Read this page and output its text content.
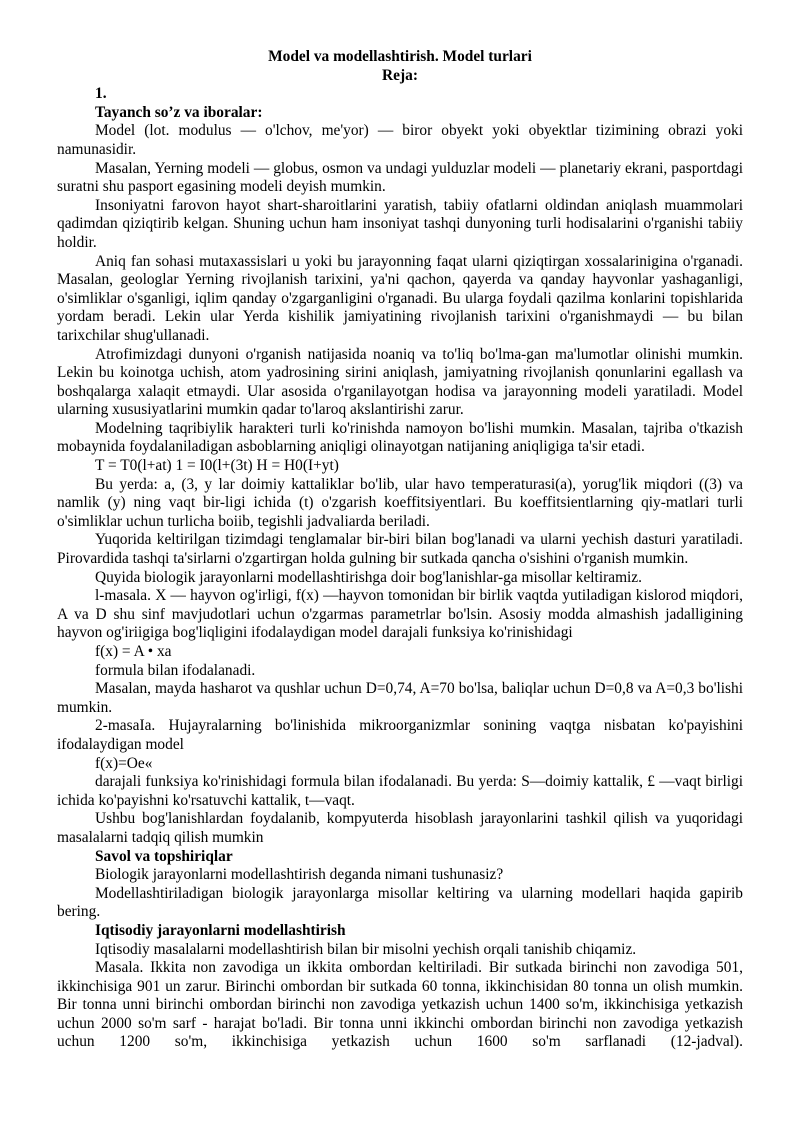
Model va modellashtirish. Model turlari

Reja:

1.

Tayanch so’z va iboralar:

Model (lot. modulus — o'lchov, me'yor) — biror obyekt yoki obyektlar tizimining obrazi yoki namunasidir.

Masalan, Yerning modeli — globus, osmon va undagi yulduzlar modeli — planetariy ekrani, pasportdagi suratni shu pasport egasining modeli deyish mumkin.

Insoniyatni farovon hayot shart-sharoitlarini yaratish, tabiiy ofatlarni oldindan aniqlash muammolari qadimdan qiziqtirib kelgan. Shuning uchun ham insoniyat tashqi dunyoning turli hodisalarini o'rganishi tabiiy holdir.

Aniq fan sohasi mutaxassislari u yoki bu jarayonning faqat ularni qiziqtirgan xossalarinigina o'rganadi. Masalan, geologlar Yerning rivojlanish tarixini, ya'ni qachon, qayerda va qanday hayvonlar yashaganligi, o'simliklar o'sganligi, iqlim qanday o'zgarganligini o'rganadi. Bu ularga foydali qazilma konlarini topishlarida yordam beradi. Lekin ular Yerda kishilik jamiyatining rivojlanish tarixini o'rganishmaydi — bu bilan tarixchilar shug'ullanadi.

Atrofimizdagi dunyoni o'rganish natijasida noaniq va to'liq bo'lma-gan ma'lumotlar olinishi mumkin. Lekin bu koinotga uchish, atom yadrosining sirini aniqlash, jamiyatning rivojlanish qonunlarini egallash va boshqalarga xalaqit etmaydi. Ular asosida o'rganilayotgan hodisa va jarayonning modeli yaratiladi. Model ularning xususiyatlarini mumkin qadar to'laroq akslantirishi zarur.

Modelning taqribiylik harakteri turli ko'rinishda namoyon bo'lishi mumkin. Masalan, tajriba o'tkazish mobaynida foydalaniladigan asboblarning aniqligi olinayotgan natijaning aniqligiga ta'sir etadi.

T = T0(l+at) 1 = I0(l+(3t) H = H0(I+yt)

Bu yerda: a, (3, y lar doimiy kattaliklar bo'lib, ular havo temperaturasi(a), yorug'lik miqdori ((3) va namlik (y) ning vaqt bir-ligi ichida (t) o'zgarish koeffitsiyentlari. Bu koeffitsientlarning qiy-matlari turli o'simliklar uchun turlicha boiib, tegishli jadvaliarda beriladi.

Yuqorida keltirilgan tizimdagi tenglamalar bir-biri bilan bog'lanadi va ularni yechish dasturi yaratiladi. Pirovardida tashqi ta'sirlarni o'zgartirgan holda gulning bir sutkada qancha o'sishini o'rganish mumkin.

Quyida biologik jarayonlarni modellashtirishga doir bog'lanishlar-ga misollar keltiramiz.

l-masala. X — hayvon og'irligi, f(x) —hayvon tomonidan bir birlik vaqtda yutiladigan kislorod miqdori, A va D shu sinf mavjudotlari uchun o'zgarmas parametrlar bo'lsin. Asosiy modda almashish jadalligining hayvon og'iriigiga bog'liqligini ifodalaydigan model darajali funksiya ko'rinishidagi

f(x) = A • xa

formula bilan ifodalanadi.

Masalan, mayda hasharot va qushlar uchun D=0,74, A=70 bo'lsa, baliqlar uchun D=0,8 va A=0,3 bo'lishi mumkin.

2-masaIa. Hujayralarning bo'linishida mikroorganizmlar sonining vaqtga nisbatan ko'payishini ifodalaydigan model

f(x)=Oe«

darajali funksiya ko'rinishidagi formula bilan ifodalanadi. Bu yerda: S—doimiy kattalik, £ —vaqt birligi ichida ko'payishni ko'rsatuvchi kattalik, t—vaqt.

Ushbu bog'lanishlardan foydalanib, kompyuterda hisoblash jarayonlarini tashkil qilish va yuqoridagi masalalarni tadqiq qilish mumkin

Savol va topshiriqlar

Biologik jarayonlarni modellashtirish deganda nimani tushunasiz?

Modellashtiriladigan biologik jarayonlarga misollar keltiring va ularning modellari haqida gapirib bering.

Iqtisodiy jarayonlarni modellashtirish

Iqtisodiy masalalarni modellashtirish bilan bir misolni yechish orqali tanishib chiqamiz.

Masala. Ikkita non zavodiga un ikkita ombordan keltiriladi. Bir sutkada birinchi non zavodiga 501, ikkinchisiga 901 un zarur. Birinchi ombordan bir sutkada 60 tonna, ikkinchisidan 80 tonna un olish mumkin. Bir tonna unni birinchi ombordan birinchi non zavodiga yetkazish uchun 1400 so'm, ikkinchisiga yetkazish uchun 2000 so'm sarf - harajat bo'ladi. Bir tonna unni ikkinchi ombordan birinchi non zavodiga yetkazish uchun 1200 so'm, ikkinchisiga yetkazish uchun 1600 so'm sarflanadi (12-jadval).
